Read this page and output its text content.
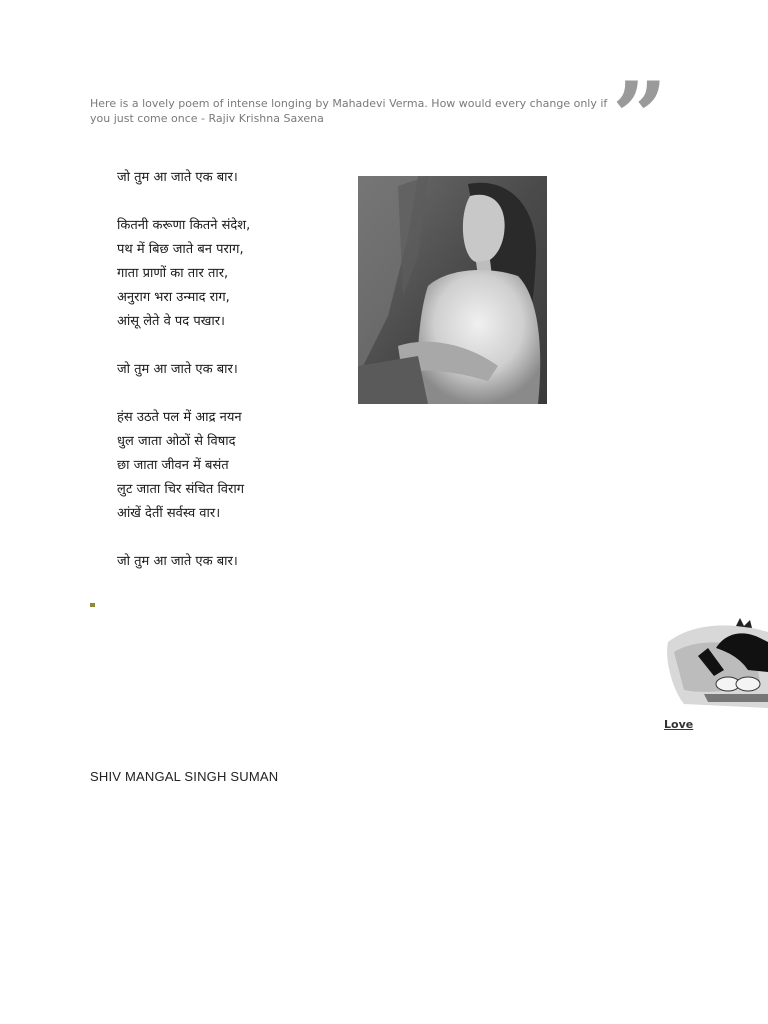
Here is a lovely poem of intense longing by Mahadevi Verma. How would every change only if you just come once - Rajiv Krishna Saxena	”
जो तुम आ जाते एक बार।
कितनी करूणा कितने संदेश,
पथ में बिछ जाते बन पराग,
गाता प्राणों का तार तार,
अनुराग भरा उन्माद राग,
आंसू लेते वे पद पखार।
जो तुम आ जाते एक बार।
हंस उठते पल में आद्र नयन
धुल जाता ओठों से विषाद
छा जाता जीवन में बसंत
लुट जाता चिर संचित विराग
आंखें देतीं सर्वस्व वार।
जो तुम आ जाते एक बार।
Love
SHIV MANGAL SINGH SUMAN
